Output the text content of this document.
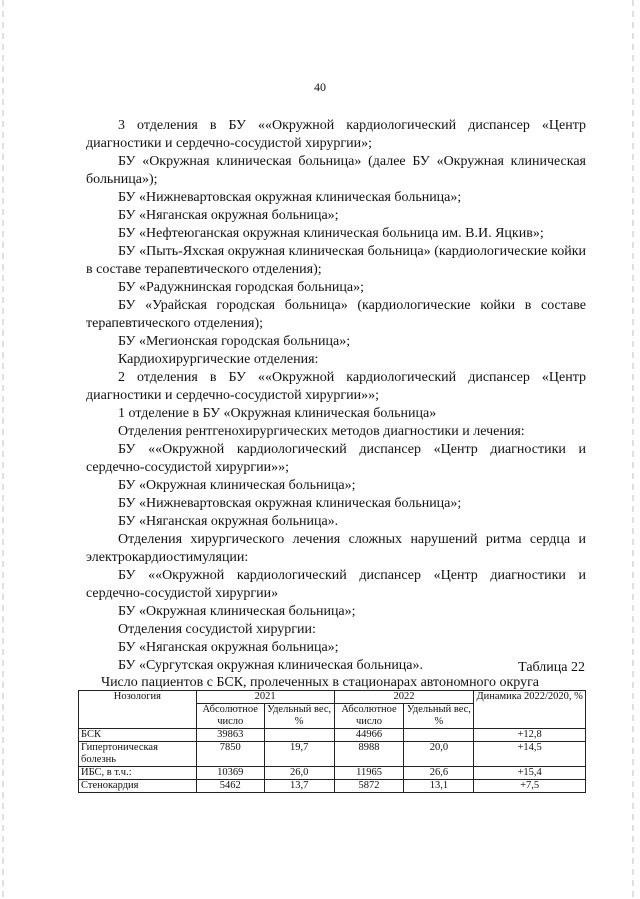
40

3 отделения в БУ ««Окружной кардиологический диспансер «Центр диагностики и сердечно-сосудистой хирургии»;

БУ «Окружная клиническая больница» (далее БУ «Окружная клиническая больница»);

БУ «Нижневартовская окружная клиническая больница»;

БУ «Няганская окружная больница»;

БУ «Нефтеюганская окружная клиническая больница им. В.И. Яцкив»;

БУ «Пыть-Яхская окружная клиническая больница» (кардиологические койки в составе терапевтического отделения);

БУ «Радужнинская городская больница»;

БУ «Урайская городская больница» (кардиологические койки в составе терапевтического отделения);

БУ «Мегионская городская больница»;

Кардиохирургические отделения:

2 отделения в БУ ««Окружной кардиологический диспансер «Центр диагностики и сердечно-сосудистой хирургии»»;

1 отделение в БУ «Окружная клиническая больница»

Отделения рентгенохирургических методов диагностики и лечения:

БУ ««Окружной кардиологический диспансер «Центр диагностики и сердечно-сосудистой хирургии»»;

БУ «Окружная клиническая больница»;

БУ «Нижневартовская окружная клиническая больница»;

БУ «Няганская окружная больница».

Отделения хирургического лечения сложных нарушений ритма сердца и электрокардиостимуляции:

БУ ««Окружной кардиологический диспансер «Центр диагностики и сердечно-сосудистой хирургии»

БУ «Окружная клиническая больница»;

Отделения сосудистой хирургии:

БУ «Няганская окружная больница»;

БУ «Сургутская окружная клиническая больница».	Таблица 22
Число пациентов с БСК, пролеченных в стационарах автономного округа
Нозология	2021		2022		Динамика 2022/2020, %
	Абсолютное число	Удельный вес, %	Абсолютное число	Удельный вес, %	
БСК	39863		44966		+12,8
Гипертоническая болезнь	7850	19,7	8988	20,0	+14,5
ИБС, в т.ч.:	10369	26,0	11965	26,6	+15,4
Стенокардия	5462	13,7	5872	13,1	+7,5
